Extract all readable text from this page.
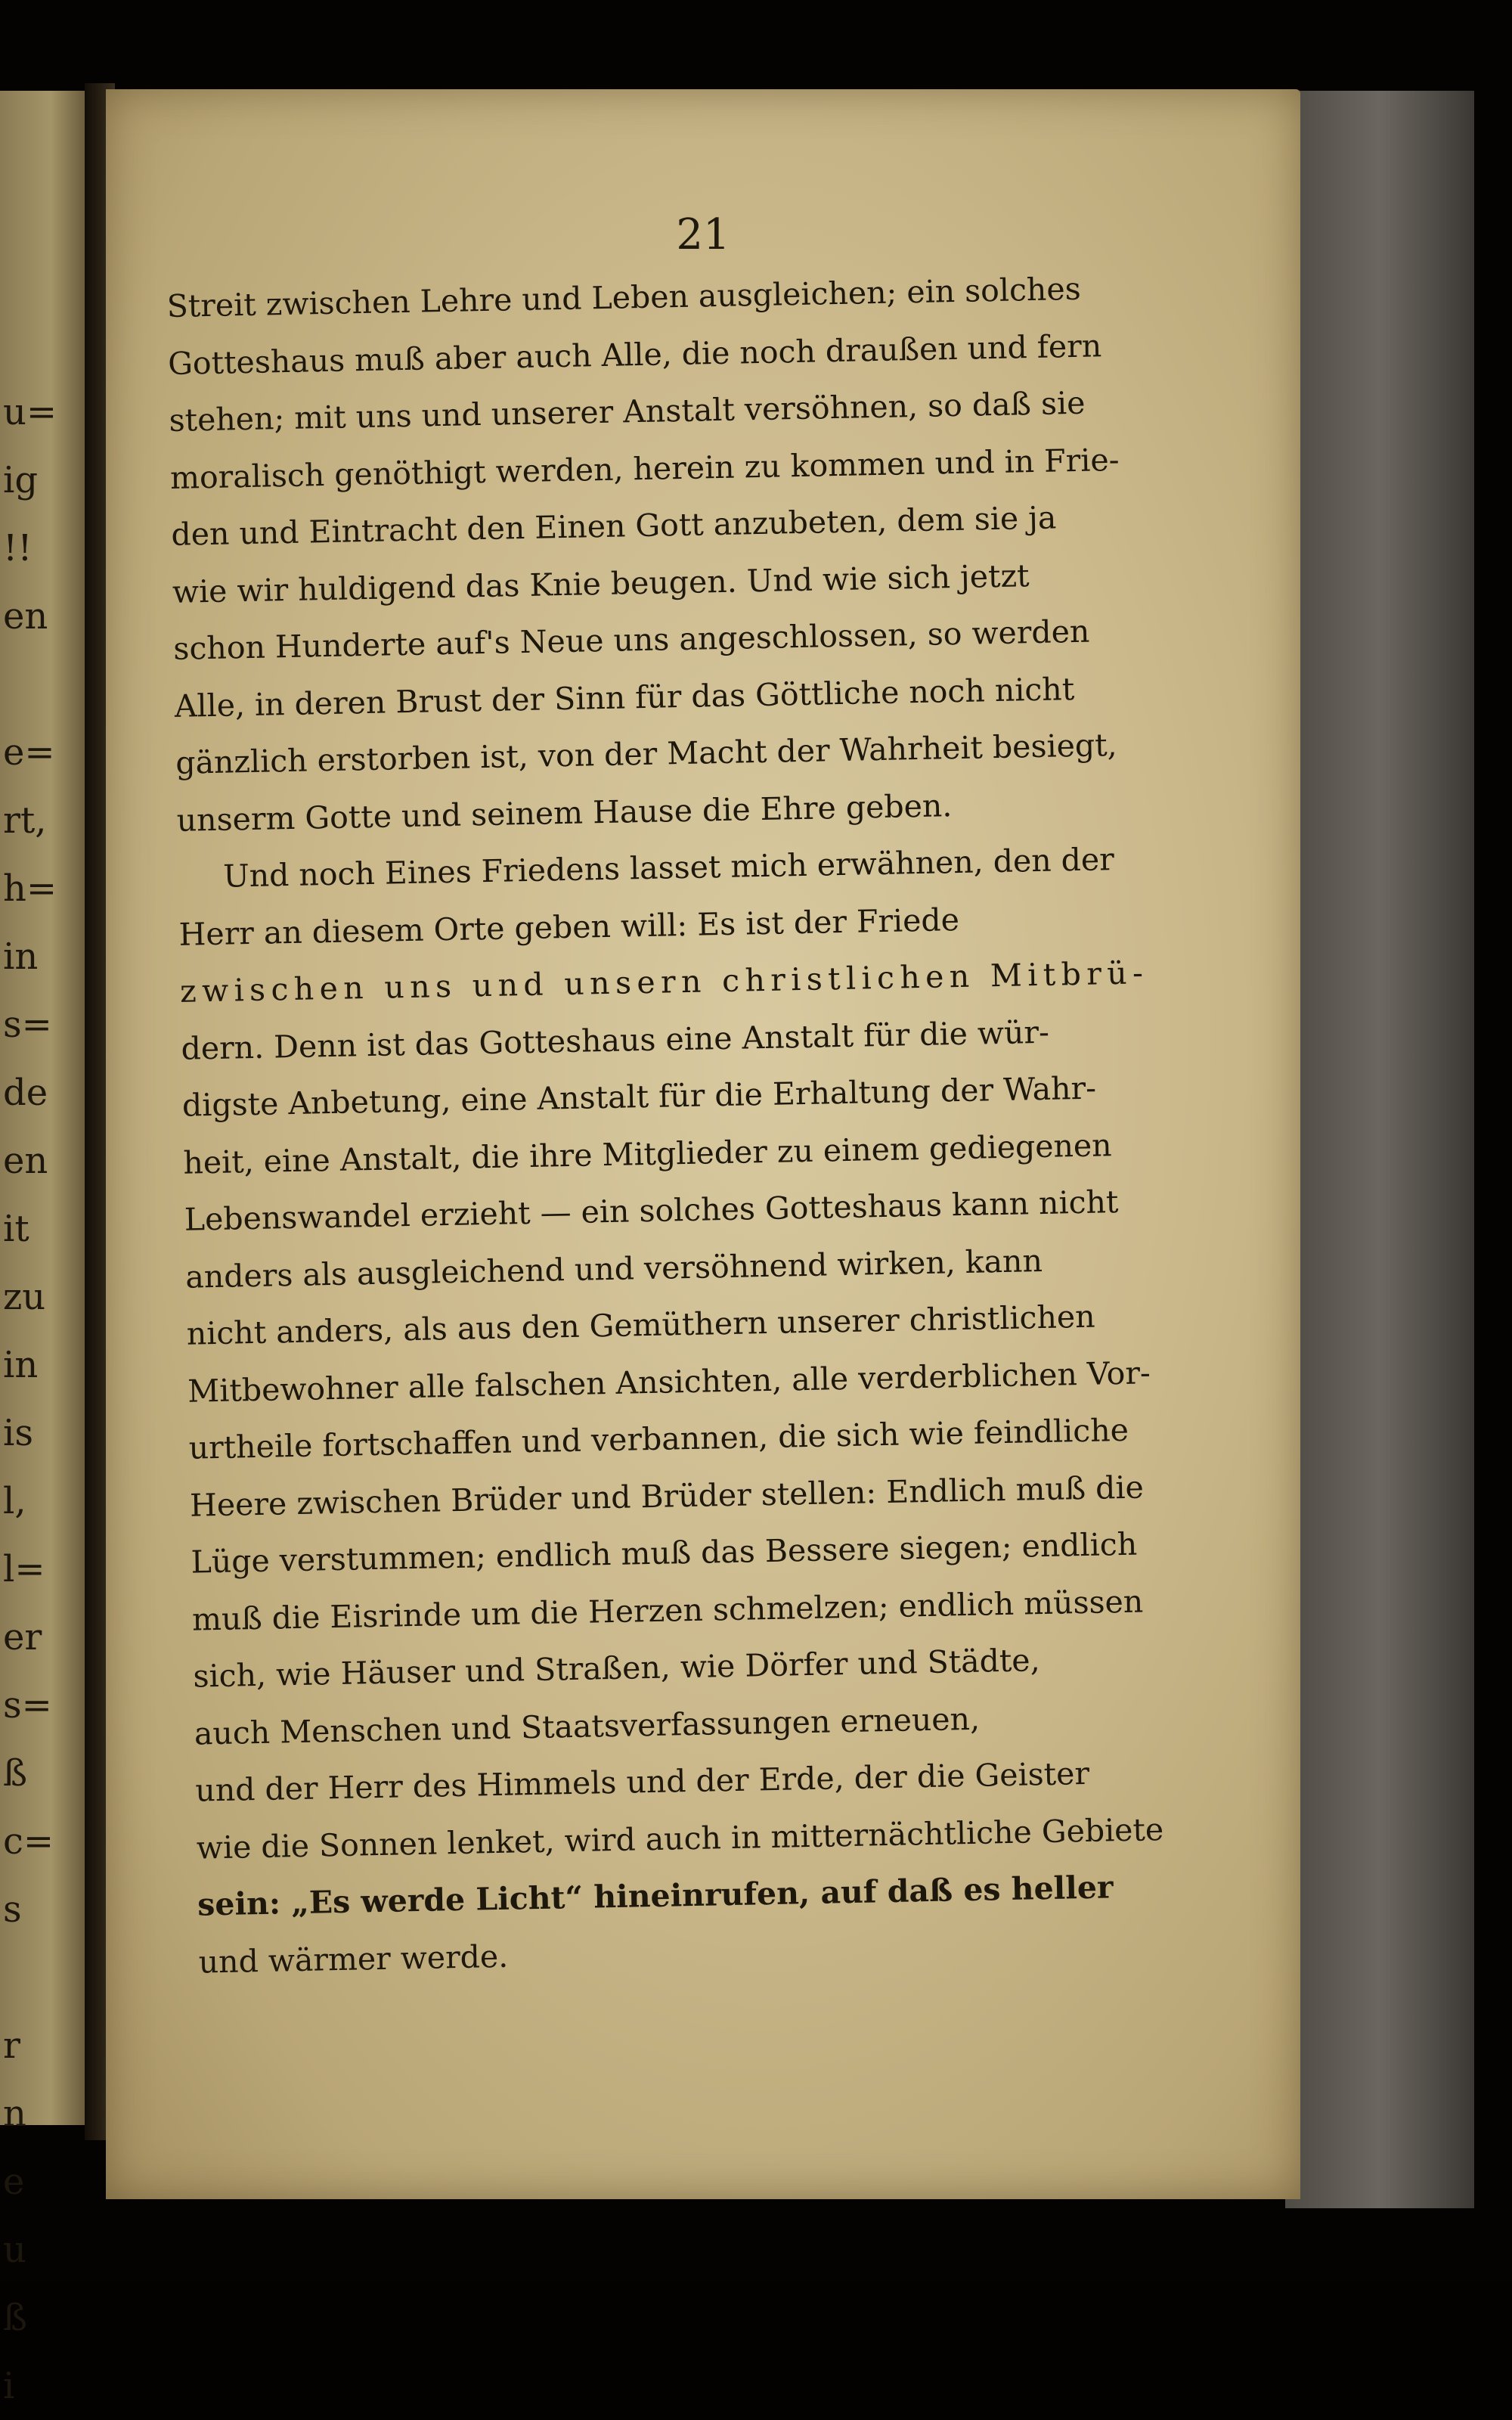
u=
ig
!!
en
e=
rt,
h=
in
s=
de
en
it
zu
in
is
l,
l=
er
s=
ß
c=
s
r
n
e
u
ß
i

21

Streit zwischen Lehre und Leben ausgleichen; ein solches
Gotteshaus muß aber auch Alle, die noch draußen und fern
stehen; mit uns und unserer Anstalt versöhnen, so daß sie
moralisch genöthigt werden, herein zu kommen und in Frie-
den und Eintracht den Einen Gott anzubeten, dem sie ja
wie wir huldigend das Knie beugen. Und wie sich jetzt
schon Hunderte auf's Neue uns angeschlossen, so werden
Alle, in deren Brust der Sinn für das Göttliche noch nicht
gänzlich erstorben ist, von der Macht der Wahrheit besiegt,
unserm Gotte und seinem Hause die Ehre geben.
Und noch Eines Friedens lasset mich erwähnen, den der
Herr an diesem Orte geben will: Es ist der Friede
zwischen uns und unsern christlichen Mitbrü-
dern. Denn ist das Gotteshaus eine Anstalt für die wür-
digste Anbetung, eine Anstalt für die Erhaltung der Wahr-
heit, eine Anstalt, die ihre Mitglieder zu einem gediegenen
Lebenswandel erzieht — ein solches Gotteshaus kann nicht
anders als ausgleichend und versöhnend wirken, kann
nicht anders, als aus den Gemüthern unserer christlichen
Mitbewohner alle falschen Ansichten, alle verderblichen Vor-
urtheile fortschaffen und verbannen, die sich wie feindliche
Heere zwischen Brüder und Brüder stellen: Endlich muß die
Lüge verstummen; endlich muß das Bessere siegen; endlich
muß die Eisrinde um die Herzen schmelzen; endlich müssen
sich, wie Häuser und Straßen, wie Dörfer und Städte,
auch Menschen und Staatsverfassungen erneuen,
und der Herr des Himmels und der Erde, der die Geister
wie die Sonnen lenket, wird auch in mitternächtliche Gebiete
sein: „Es werde Licht“ hineinrufen, auf daß es heller
und wärmer werde.
